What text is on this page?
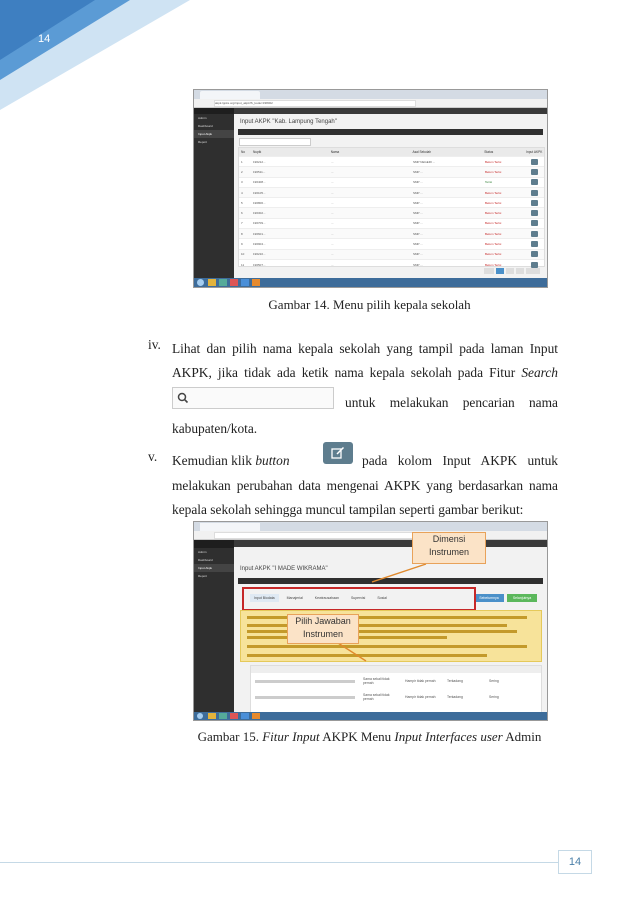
14
akpk.lppks.org/input_akpk?k_kode=338002
Admin
Dashboard
Input Akpk
Report
Input AKPK "Kab. Lampung Tengah"
No	Nuptk	Nama	Asal Sekolah	Status	Input AKPK
1	196212...	...	SMP NEGERI ...	Belum Terisi
2	196511...	...	SMP ...	Belum Terisi
3	196408...	...	SMP ...	Terisi
4	196105...	...	SMP ...	Belum Terisi
5	196806...	...	SMP ...	Belum Terisi
6	196302...	...	SMP ...	Belum Terisi
7	196709...	...	SMP ...	Belum Terisi
8	196601...	...	SMP ...	Belum Terisi
9	196904...	...	SMP ...	Belum Terisi
10	196210...	...	SMP ...	Belum Terisi
11	196507...	...	SMP ...	Belum Terisi
Gambar 14. Menu pilih kepala sekolah
iv. Lihat dan pilih nama kepala sekolah yang tampil pada laman Input
AKPK, jika tidak ada ketik nama kepala sekolah pada Fitur Search
untuk melakukan pencarian nama
kabupaten/kota.
v. Kemudian klik button	pada kolom Input AKPK untuk
melakukan perubahan data mengenai AKPK yang berdasarkan nama
kepala sekolah sehingga muncul tampilan seperti gambar berikut:
Admin
Dashboard
Input Akpk
Report
Input AKPK "I MADE WIKRAMA"
Input Biodata	Manajerial	Kewirausahaan	Supervisi	Sosial	Sebelumnya	Selanjutnya
Sama sekali tidak pernah	Hampir tidak pernah	Terkadang	Sering
Sama sekali tidak pernah	Hampir tidak pernah	Terkadang	Sering
Dimensi
Instrumen
Pilih Jawaban
Instrumen
Gambar 15. Fitur Input AKPK Menu Input Interfaces user Admin
14
